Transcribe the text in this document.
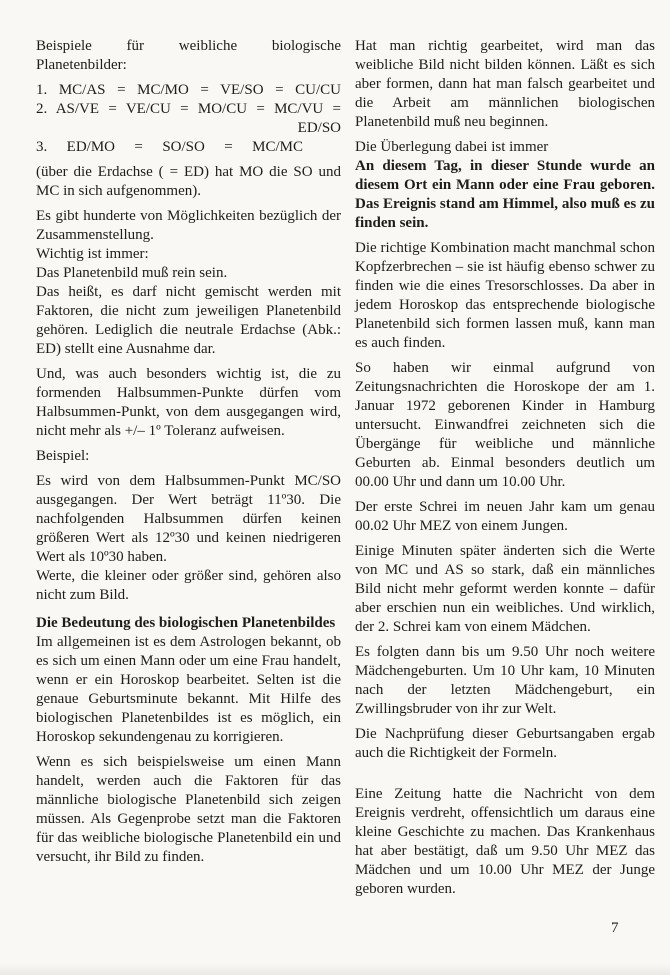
Beispiele für weibliche biologische Planetenbilder:

1. MC/AS = MC/MO = VE/SO = CU/CU
2. AS/VE = VE/CU = MO/CU = MC/VU =
ED/SO
3. ED/MO = SO/SO = MC/MC

(über die Erdachse ( = ED) hat MO die SO und MC in sich aufgenommen).

Es gibt hunderte von Möglichkeiten bezüglich der Zusammenstellung.

Wichtig ist immer:

Das Planetenbild muß rein sein.

Das heißt, es darf nicht gemischt werden mit Faktoren, die nicht zum jeweiligen Planetenbild gehören. Lediglich die neutrale Erdachse (Abk.: ED) stellt eine Ausnahme dar.

Und, was auch besonders wichtig ist, die zu formenden Halbsummen-Punkte dürfen vom Halbsummen-Punkt, von dem ausgegangen wird, nicht mehr als +/– 1º Toleranz aufweisen.

Beispiel:

Es wird von dem Halbsummen-Punkt MC/SO ausgegangen. Der Wert beträgt 11º30. Die nachfolgenden Halbsummen dürfen keinen größeren Wert als 12º30 und keinen niedrigeren Wert als 10º30 haben.

Werte, die kleiner oder größer sind, gehören also nicht zum Bild.

Die Bedeutung des biologischen Planetenbildes

Im allgemeinen ist es dem Astrologen bekannt, ob es sich um einen Mann oder um eine Frau handelt, wenn er ein Horoskop bearbeitet. Selten ist die genaue Geburtsminute bekannt. Mit Hilfe des biologischen Planetenbildes ist es möglich, ein Horoskop sekundengenau zu korrigieren.

Wenn es sich beispielsweise um einen Mann handelt, werden auch die Faktoren für das männliche biologische Planetenbild sich zeigen müssen. Als Gegenprobe setzt man die Faktoren für das weibliche biologische Planetenbild ein und versucht, ihr Bild zu finden.

Hat man richtig gearbeitet, wird man das weibliche Bild nicht bilden können. Läßt es sich aber formen, dann hat man falsch gearbeitet und die Arbeit am männlichen biologischen Planetenbild muß neu beginnen.

Die Überlegung dabei ist immer

An diesem Tag, in dieser Stunde wurde an diesem Ort ein Mann oder eine Frau geboren. Das Ereignis stand am Himmel, also muß es zu finden sein.

Die richtige Kombination macht manchmal schon Kopfzerbrechen – sie ist häufig ebenso schwer zu finden wie die eines Tresorschlosses. Da aber in jedem Horoskop das entsprechende biologische Planetenbild sich formen lassen muß, kann man es auch finden.

So haben wir einmal aufgrund von Zeitungsnachrichten die Horoskope der am 1. Januar 1972 geborenen Kinder in Hamburg untersucht. Einwandfrei zeichneten sich die Übergänge für weibliche und männliche Geburten ab. Einmal besonders deutlich um 00.00 Uhr und dann um 10.00 Uhr.

Der erste Schrei im neuen Jahr kam um genau 00.02 Uhr MEZ von einem Jungen.

Einige Minuten später änderten sich die Werte von MC und AS so stark, daß ein männliches Bild nicht mehr geformt werden konnte – dafür aber erschien nun ein weibliches. Und wirklich, der 2. Schrei kam von einem Mädchen.

Es folgten dann bis um 9.50 Uhr noch weitere Mädchengeburten. Um 10 Uhr kam, 10 Minuten nach der letzten Mädchengeburt, ein Zwillingsbruder von ihr zur Welt.

Die Nachprüfung dieser Geburtsangaben ergab auch die Richtigkeit der Formeln.

Eine Zeitung hatte die Nachricht von dem Ereignis verdreht, offensichtlich um daraus eine kleine Geschichte zu machen. Das Krankenhaus hat aber bestätigt, daß um 9.50 Uhr MEZ das Mädchen und um 10.00 Uhr MEZ der Junge geboren wurden.

7
